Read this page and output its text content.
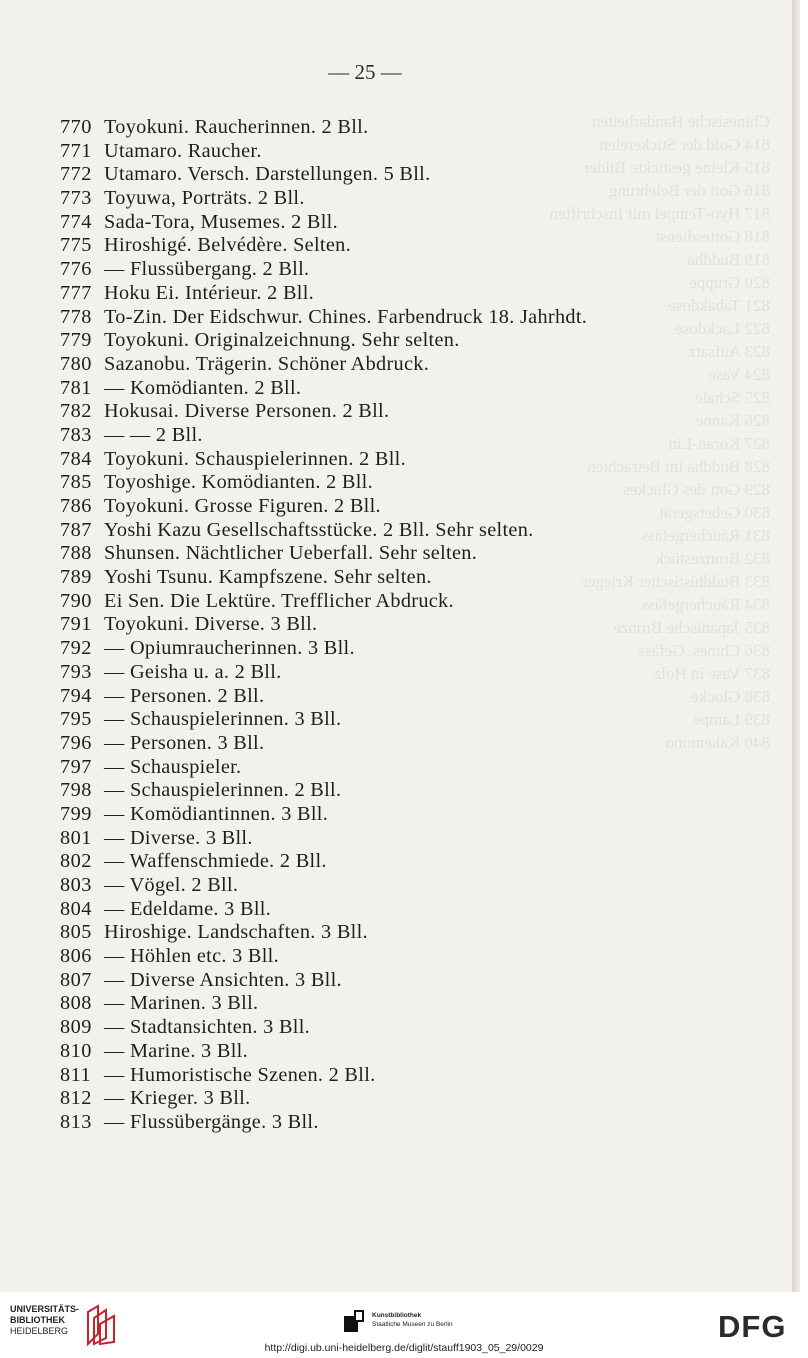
Chinesische Handarbeiten
814 Gold der Stickereien
815 Kleine gestickte Bilder
816 Gott der Belehrung
817 Hyo-Tempel mit Inschriften
818 Gottesdienst
819 Buddha
820 Gruppe
821 Tabakdose
822 Lackdose
823 Aufsatz
824 Vase
825 Schale
826 Kanne
827 Koran-Lin
828 Buddha im Betrachten
829 Gott des Glückes
830 Gebetsgerät
831 Räuchergefäss
832 Bronzestück
833 Buddhistischer Krieger
834 Räuchergefäss
835 Japanische Bronze
836 Chines. Gefäss
837 Vase in Holz
838 Glocke
839 Lampe
840 Kakemono
— 25 —
770 Toyokuni. Raucherinnen. 2 Bll.
771 Utamaro. Raucher.
772 Utamaro. Versch. Darstellungen. 5 Bll.
773 Toyuwa, Porträts. 2 Bll.
774 Sada-Tora, Musemes. 2 Bll.
775 Hiroshigé. Belvédère. Selten.
776 — Flussübergang. 2 Bll.
777 Hoku Ei. Intérieur. 2 Bll.
778 To-Zin. Der Eidschwur. Chines. Farbendruck 18. Jahrhdt.
779 Toyokuni. Originalzeichnung. Sehr selten.
780 Sazanobu. Trägerin. Schöner Abdruck.
781 — Komödianten. 2 Bll.
782 Hokusai. Diverse Personen. 2 Bll.
783 — — 2 Bll.
784 Toyokuni. Schauspielerinnen. 2 Bll.
785 Toyoshige. Komödianten. 2 Bll.
786 Toyokuni. Grosse Figuren. 2 Bll.
787 Yoshi Kazu Gesellschaftsstücke. 2 Bll. Sehr selten.
788 Shunsen. Nächtlicher Ueberfall. Sehr selten.
789 Yoshi Tsunu. Kampfszene. Sehr selten.
790 Ei Sen. Die Lektüre. Trefflicher Abdruck.
791 Toyokuni. Diverse. 3 Bll.
792 — Opiumraucherinnen. 3 Bll.
793 — Geisha u. a. 2 Bll.
794 — Personen. 2 Bll.
795 — Schauspielerinnen. 3 Bll.
796 — Personen. 3 Bll.
797 — Schauspieler.
798 — Schauspielerinnen. 2 Bll.
799 — Komödiantinnen. 3 Bll.
801 — Diverse. 3 Bll.
802 — Waffenschmiede. 2 Bll.
803 — Vögel. 2 Bll.
804 — Edeldame. 3 Bll.
805 Hiroshige. Landschaften. 3 Bll.
806 — Höhlen etc. 3 Bll.
807 — Diverse Ansichten. 3 Bll.
808 — Marinen. 3 Bll.
809 — Stadtansichten. 3 Bll.
810 — Marine. 3 Bll.
811 — Humoristische Szenen. 2 Bll.
812 — Krieger. 3 Bll.
813 — Flussübergänge. 3 Bll.
UNIVERSITÄTS-
BIBLIOTHEK
HEIDELBERG
Kunstbibliothek
Staatliche Museen zu Berlin	DFG
http://digi.ub.uni-heidelberg.de/diglit/stauff1903_05_29/0029
